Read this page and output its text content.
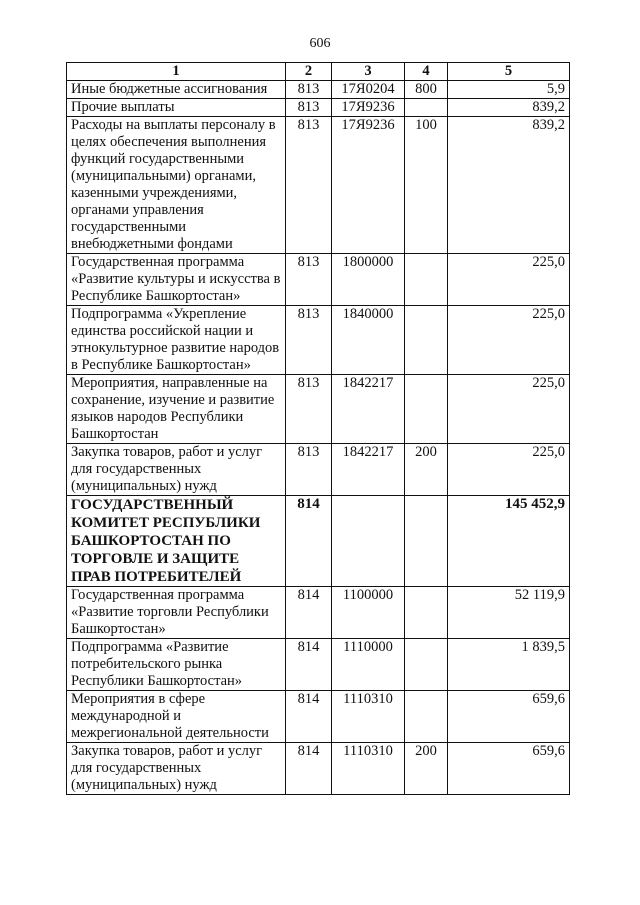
606
1	2	3	4	5
Иные бюджетные ассигнования	813	17Я0204	800	5,9
Прочие выплаты	813	17Я9236		839,2
Расходы на выплаты персоналу в целях обеспечения выполнения функций государственными (муниципальными) органами, казенными учреждениями, органами управления государственными внебюджетными фондами	813	17Я9236	100	839,2
Государственная программа «Развитие культуры и искусства в Республике Башкортостан»	813	1800000		225,0
Подпрограмма «Укрепление единства российской нации и этнокультурное развитие народов в Республике Башкортостан»	813	1840000		225,0
Мероприятия, направленные на сохранение, изучение и развитие языков народов Республики Башкортостан	813	1842217		225,0
Закупка товаров, работ и услуг для государственных (муниципальных) нужд	813	1842217	200	225,0
ГОСУДАРСТВЕННЫЙ КОМИТЕТ РЕСПУБЛИКИ БАШКОРТОСТАН ПО ТОРГОВЛЕ И ЗАЩИТЕ ПРАВ ПОТРЕБИТЕЛЕЙ	814			145 452,9
Государственная программа «Развитие торговли Республики Башкортостан»	814	1100000		52 119,9
Подпрограмма «Развитие потребительского рынка Республики Башкортостан»	814	1110000		1 839,5
Мероприятия в сфере международной и межрегиональной деятельности	814	1110310		659,6
Закупка товаров, работ и услуг для государственных (муниципальных) нужд	814	1110310	200	659,6
